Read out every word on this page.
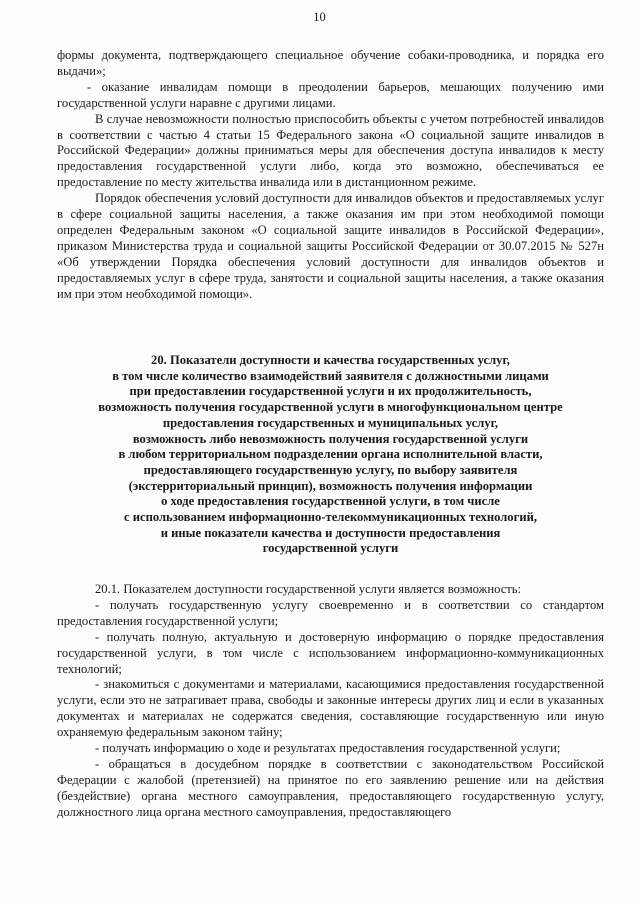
10

формы документа, подтверждающего специальное обучение собаки-проводника, и порядка его выдачи»;

- оказание инвалидам помощи в преодолении барьеров, мешающих получению ими государственной услуги наравне с другими лицами.

В случае невозможности полностью приспособить объекты с учетом потребностей инвалидов в соответствии с частью 4 статьи 15 Федерального закона «О социальной защите инвалидов в Российской Федерации» должны приниматься меры для обеспечения доступа инвалидов к месту предоставления государственной услуги либо, когда это возможно, обеспечиваться ее предоставление по месту жительства инвалида или в дистанционном режиме.

Порядок обеспечения условий доступности для инвалидов объектов и предоставляемых услуг в сфере социальной защиты населения, а также оказания им при этом необходимой помощи определен Федеральным законом «О социальной защите инвалидов в Российской Федерации», приказом Министерства труда и социальной защиты Российской Федерации от 30.07.2015 № 527н «Об утверждении Порядка обеспечения условий доступности для инвалидов объектов и предоставляемых услуг в сфере труда, занятости и социальной защиты населения, а также оказания им при этом необходимой помощи».

20. Показатели доступности и качества государственных услуг,
в том числе количество взаимодействий заявителя с должностными лицами
при предоставлении государственной услуги и их продолжительность,
возможность получения государственной услуги в многофункциональном центре
предоставления государственных и муниципальных услуг,
возможность либо невозможность получения государственной услуги
в любом территориальном подразделении органа исполнительной власти,
предоставляющего государственную услугу, по выбору заявителя
(экстерриториальный принцип), возможность получения информации
о ходе предоставления государственной услуги, в том числе
с использованием информационно-телекоммуникационных технологий,
и иные показатели качества и доступности предоставления
государственной услуги

20.1. Показателем доступности государственной услуги является возможность:

- получать государственную услугу своевременно и в соответствии со стандартом предоставления государственной услуги;

- получать полную, актуальную и достоверную информацию о порядке предоставления государственной услуги, в том числе с использованием информационно-коммуникационных технологий;

- знакомиться с документами и материалами, касающимися предоставления государственной услуги, если это не затрагивает права, свободы и законные интересы других лиц и если в указанных документах и материалах не содержатся сведения, составляющие государственную или иную охраняемую федеральным законом тайну;

- получать информацию о ходе и результатах предоставления государственной услуги;

- обращаться в досудебном порядке в соответствии с законодательством Российской Федерации с жалобой (претензией) на принятое по его заявлению решение или на действия (бездействие) органа местного самоуправления, предоставляющего государственную услугу, должностного лица органа местного самоуправления, предоставляющего
